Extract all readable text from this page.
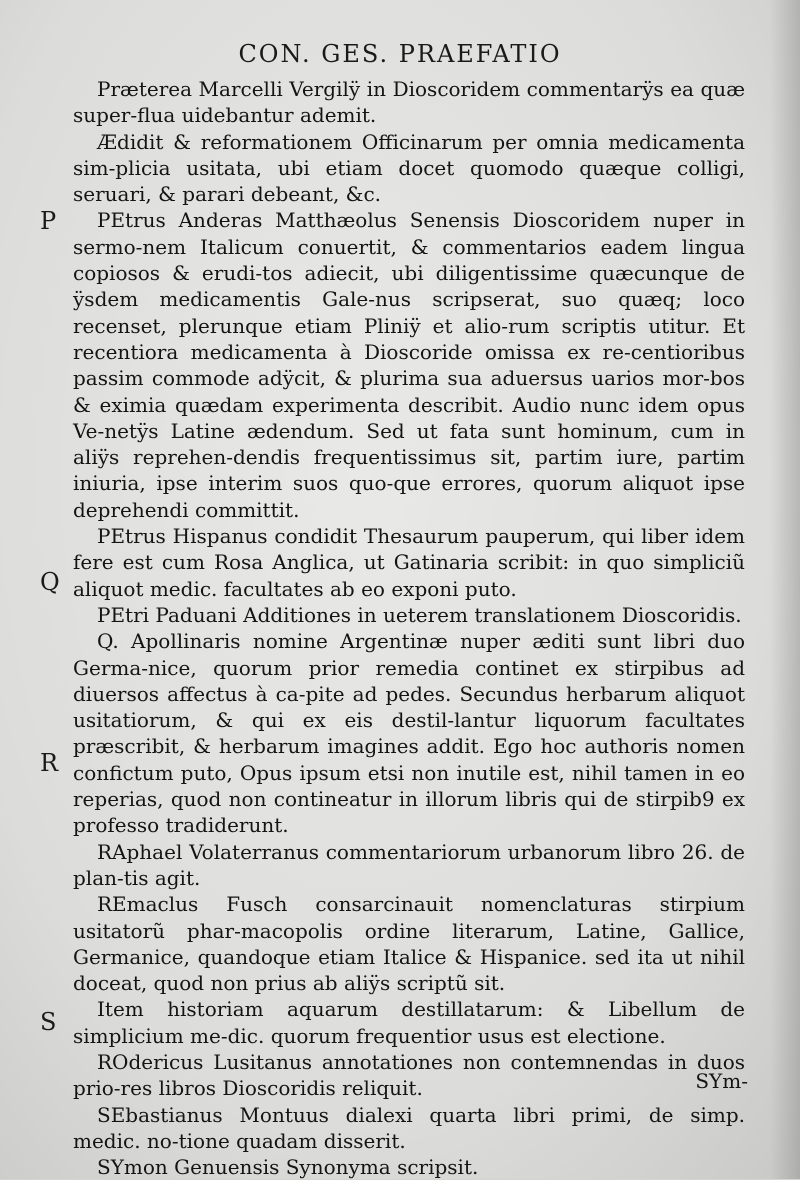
CON. GES. PRAEFATIO
P
Q
R
S

Præterea Marcelli Vergilÿ in Dioscoridem commentarÿs ea quæ super‑flua uidebantur ademit.

Ædidit & reformationem Officinarum per omnia medicamenta sim‑plicia usitata, ubi etiam docet quomodo quæque colligi, seruari, & parari debeant, &c.

PEtrus Anderas Matthæolus Senensis Dioscoridem nuper in sermo‑nem Italicum conuertit, & commentarios eadem lingua copiosos & erudi‑tos adiecit, ubi diligentissime quæcunque de ÿsdem medicamentis Gale‑nus scripserat, suo quæq; loco recenset, plerunque etiam Pliniÿ et alio‑rum scriptis utitur. Et recentiora medicamenta à Dioscoride omissa ex re‑centioribus passim commode adÿcit, & plurima sua aduersus uarios mor‑bos & eximia quædam experimenta describit. Audio nunc idem opus Ve‑netÿs Latine ædendum. Sed ut fata sunt hominum, cum in aliÿs reprehen‑dendis frequentissimus sit, partim iure, partim iniuria, ipse interim suos quo‑que errores, quorum aliquot ipse deprehendi committit.

PEtrus Hispanus condidit Thesaurum pauperum, qui liber idem fere est cum Rosa Anglica, ut Gatinaria scribit: in quo simpliciũ aliquot medic. facultates ab eo exponi puto.

PEtri Paduani Additiones in ueterem translationem Dioscoridis.

Q. Apollinaris nomine Argentinæ nuper æditi sunt libri duo Germa‑nice, quorum prior remedia continet ex stirpibus ad diuersos affectus à ca‑pite ad pedes. Secundus herbarum aliquot usitatiorum, & qui ex eis destil‑lantur liquorum facultates præscribit, & herbarum imagines addit. Ego hoc authoris nomen confictum puto, Opus ipsum etsi non inutile est, nihil tamen in eo reperias, quod non contineatur in illorum libris qui de stirpib9 ex professo tradiderunt.

RAphael Volaterranus commentariorum urbanorum libro 26. de plan‑tis agit.

REmaclus Fusch consarcinauit nomenclaturas stirpium usitatorũ phar‑macopolis ordine literarum, Latine, Gallice, Germanice, quandoque etiam Italice & Hispanice. sed ita ut nihil doceat, quod non prius ab aliÿs scriptũ sit.

Item historiam aquarum destillatarum: & Libellum de simplicium me‑dic. quorum frequentior usus est electione.

ROdericus Lusitanus annotationes non contemnendas in duos prio‑res libros Dioscoridis reliquit.

SEbastianus Montuus dialexi quarta libri primi, de simp. medic. no‑tione quadam disserit.

SYmon Genuensis Synonyma scripsit.

SYm‑
